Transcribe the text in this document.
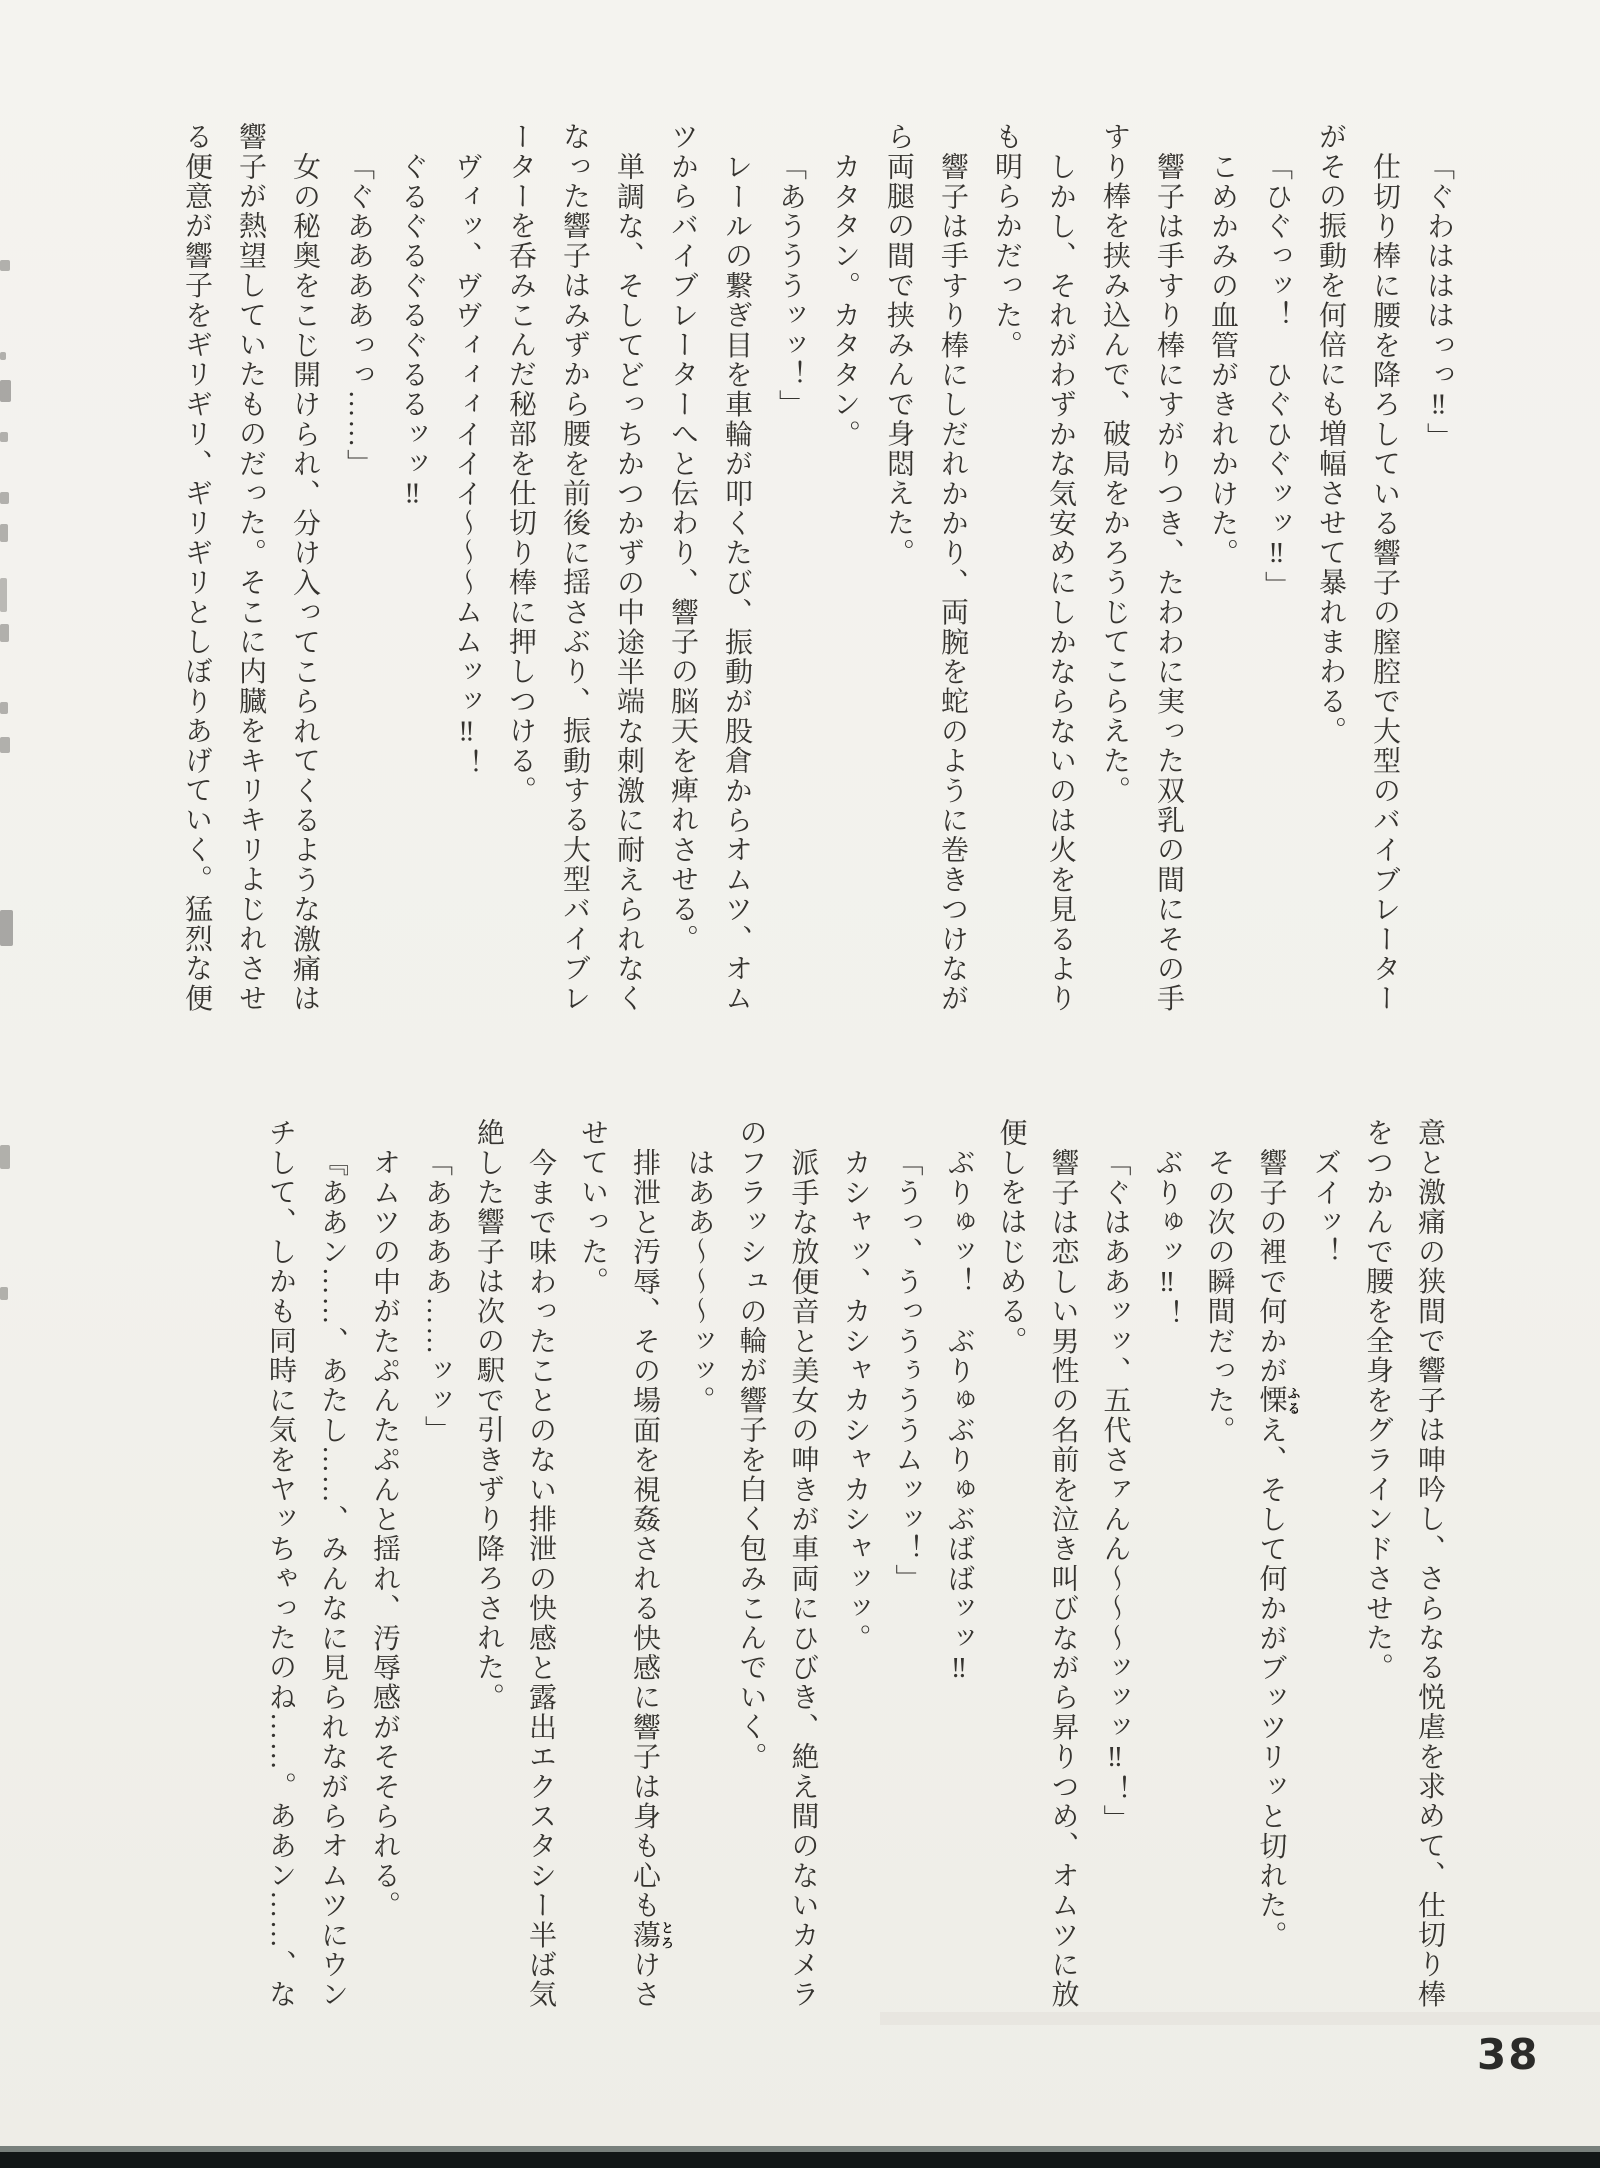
「ぐわはははっっ‼」

仕切り棒に腰を降ろしている響子の膣腔で大型のバイブレーターがその振動を何倍にも増幅させて暴れまわる。

「ひぐっッ！　ひぐひぐッッ‼」

こめかみの血管がきれかけた。

響子は手すり棒にすがりつき、たわわに実った双乳の間にその手すり棒を挟み込んで、破局をかろうじてこらえた。

しかし、それがわずかな気安めにしかならないのは火を見るよりも明らかだった。

響子は手すり棒にしだれかかり、両腕を蛇のように巻きつけながら両腿の間で挟みんで身悶えた。

カタタン。カタタン。

「あうううッッ！」

レールの繋ぎ目を車輪が叩くたび、振動が股倉からオムツ、オムツからバイブレーターへと伝わり、響子の脳天を痺れさせる。

単調な、そしてどっちかつかずの中途半端な刺激に耐えられなくなった響子はみずから腰を前後に揺さぶり、振動する大型バイブレーターを呑みこんだ秘部を仕切り棒に押しつける。

ヴィッ、ヴヴィィィイイイ〜〜〜ムムッッ‼！

ぐるぐるぐるぐるるッッ‼

「ぐああああっっ……」

女の秘奥をこじ開けられ、分け入ってこられてくるような激痛は響子が熱望していたものだった。そこに内臓をキリキリよじれさせる便意が響子をギリギリ、ギリギリとしぼりあげていく。猛烈な便

意と激痛の狭間で響子は呻吟し、さらなる悦虐を求めて、仕切り棒をつかんで腰を全身をグラインドさせた。

ズイッ！

響子の裡で何かが慄ふるえ、そして何かがブッツリッと切れた。

その次の瞬間だった。

ぶりゅッ‼！

「ぐはああッッ、五代さァんん〜〜〜ッッッ‼！」

響子は恋しい男性の名前を泣き叫びながら昇りつめ、オムツに放便しをはじめる。

ぶりゅッ！　ぶりゅぶりゅぶばばッッ‼

「うっ、うっうぅううムッッ！」

カシャッ、カシャカシャカシャッッ。

派手な放便音と美女の呻きが車両にひびき、絶え間のないカメラのフラッシュの輪が響子を白く包みこんでいく。

はああ〜〜〜ッッ。

排泄と汚辱、その場面を視姦される快感に響子は身も心も蕩とろけさせていった。

今まで味わったことのない排泄の快感と露出エクスタシー半ば気絶した響子は次の駅で引きずり降ろされた。

「ああああ……ッッ」

オムツの中がたぷんたぷんと揺れ、汚辱感がそそられる。

『ああン……、あたし……、みんなに見られながらオムツにウンチして、しかも同時に気をヤッちゃったのね……。ああン……、な

38
